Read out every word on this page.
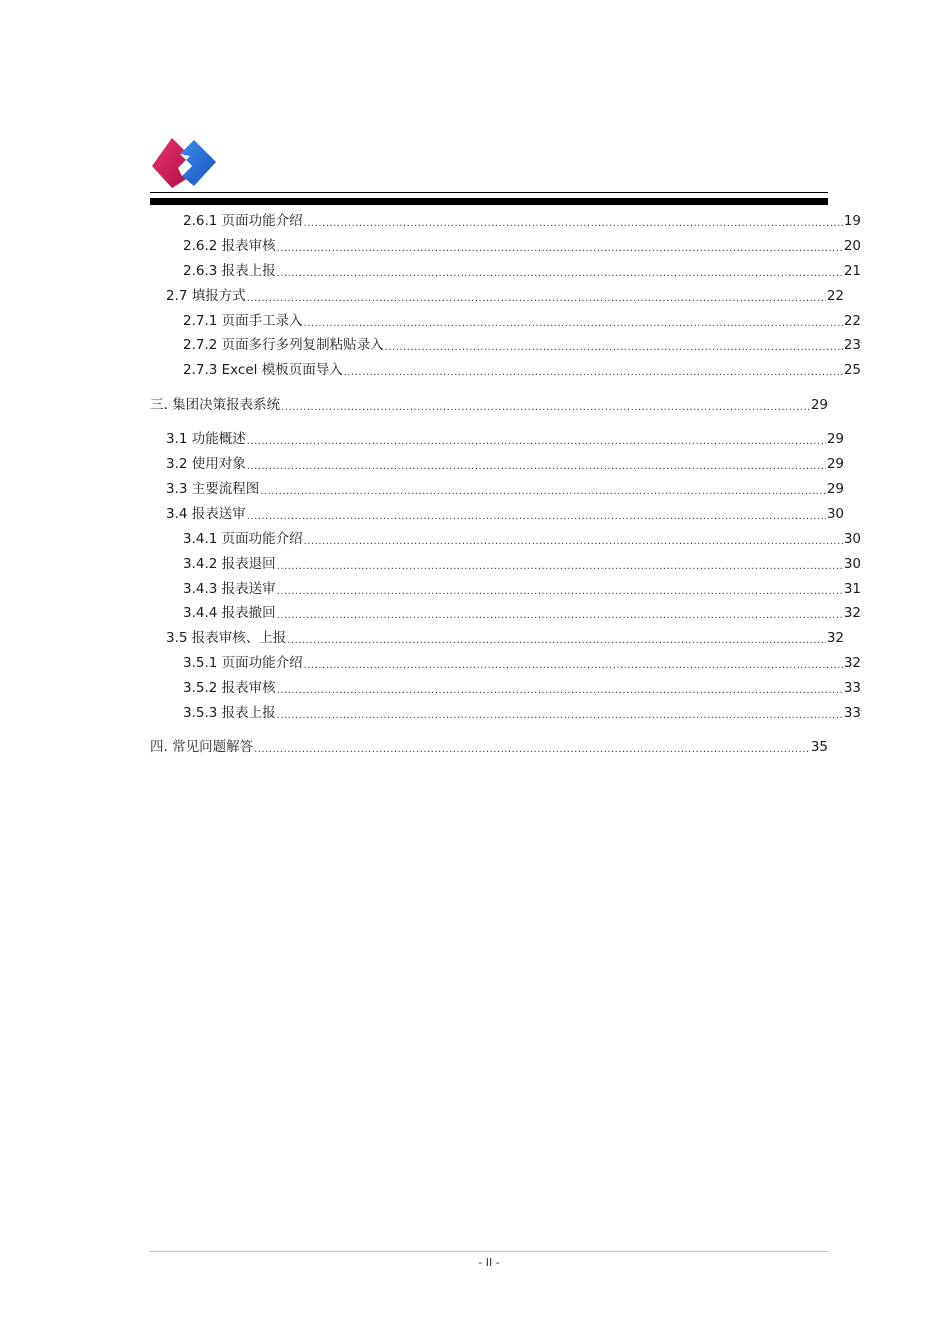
2.6.1 页面功能介绍 .....	19
2.6.2 报表审核 .....	20
2.6.3 报表上报 .....	21
2.7 填报方式 .....	22
2.7.1 页面手工录入 .....	22
2.7.2 页面多行多列复制粘贴录入 .....	23
2.7.3 Excel 模板页面导入 .....	25
三. 集团决策报表系统 .....	29
3.1 功能概述 .....	29
3.2 使用对象 .....	29
3.3 主要流程图 .....	29
3.4 报表送审 .....	30
3.4.1 页面功能介绍 .....	30
3.4.2 报表退回 .....	30
3.4.3 报表送审 .....	31
3.4.4 报表撤回 .....	32
3.5 报表审核、上报 .....	32
3.5.1 页面功能介绍 .....	32
3.5.2 报表审核 .....	33
3.5.3 报表上报 .....	33
四. 常见问题解答 .....	35
- II -
